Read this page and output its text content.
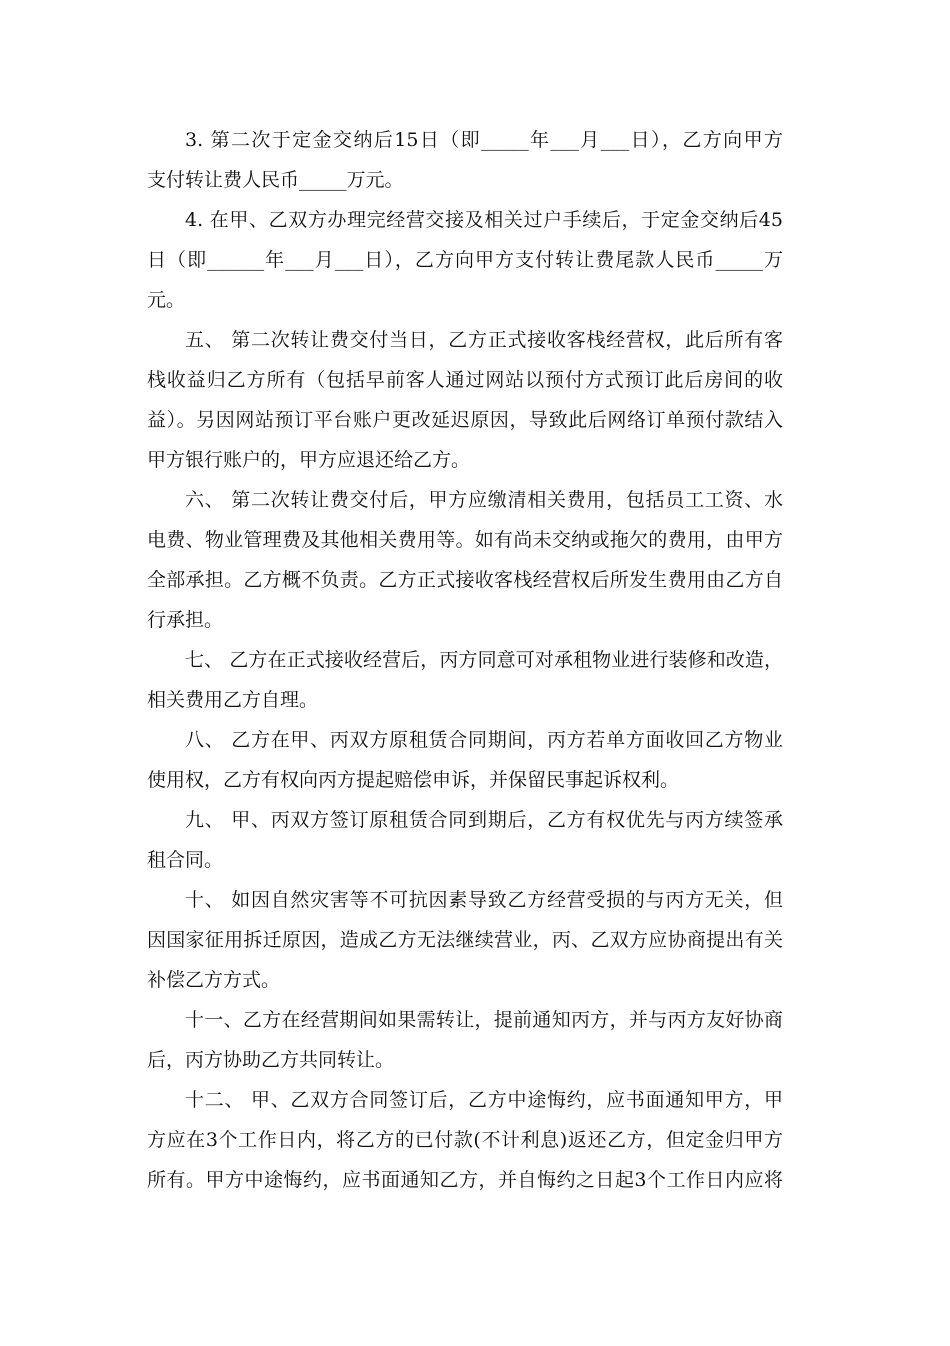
3. 第二次于定金交纳后15日（即_____年___月___日），乙方向甲方
支付转让费人民币_____万元。
4. 在甲、乙双方办理完经营交接及相关过户手续后，于定金交纳后45
日（即______年___月___日），乙方向甲方支付转让费尾款人民币_____万
元。
五、 第二次转让费交付当日，乙方正式接收客栈经营权，此后所有客
栈收益归乙方所有（包括早前客人通过网站以预付方式预订此后房间的收
益）。另因网站预订平台账户更改延迟原因，导致此后网络订单预付款结入
甲方银行账户的，甲方应退还给乙方。
六、 第二次转让费交付后，甲方应缴清相关费用，包括员工工资、水
电费、物业管理费及其他相关费用等。如有尚未交纳或拖欠的费用，由甲方
全部承担。乙方概不负责。乙方正式接收客栈经营权后所发生费用由乙方自
行承担。
七、 乙方在正式接收经营后，丙方同意可对承租物业进行装修和改造，
相关费用乙方自理。
八、 乙方在甲、丙双方原租赁合同期间，丙方若单方面收回乙方物业
使用权，乙方有权向丙方提起赔偿申诉，并保留民事起诉权利。
九、 甲、丙双方签订原租赁合同到期后，乙方有权优先与丙方续签承
租合同。
十、 如因自然灾害等不可抗因素导致乙方经营受损的与丙方无关，但
因国家征用拆迁原因，造成乙方无法继续营业，丙、乙双方应协商提出有关
补偿乙方方式。
十一、乙方在经营期间如果需转让，提前通知丙方，并与丙方友好协商
后，丙方协助乙方共同转让。
十二、 甲、乙双方合同签订后，乙方中途悔约，应书面通知甲方，甲
方应在3个工作日内，将乙方的已付款(不计利息)返还乙方，但定金归甲方
所有。甲方中途悔约，应书面通知乙方，并自悔约之日起3个工作日内应将
